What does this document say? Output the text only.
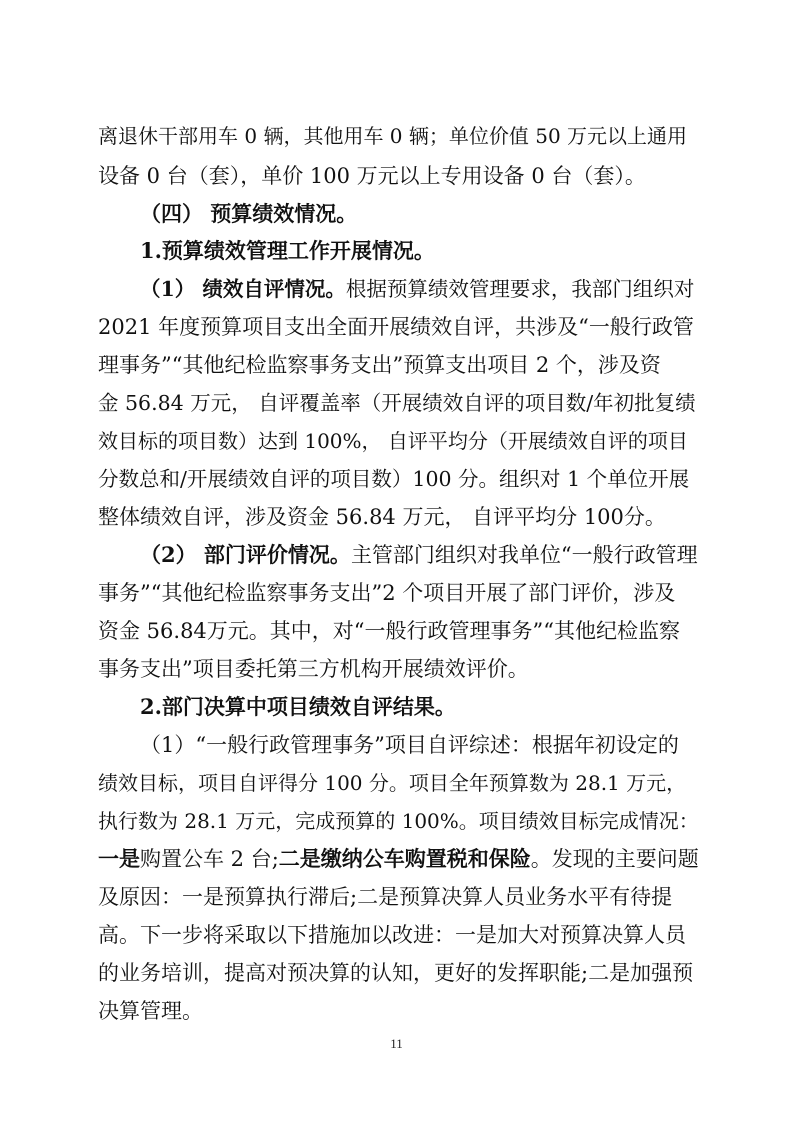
离退休干部用车 0 辆，其他用车 0 辆；单位价值 50 万元以上通用
设备 0 台（套），单价 100 万元以上专用设备 0 台（套）。
（四） 预算绩效情况。
1.预算绩效管理工作开展情况。
（1） 绩效自评情况。根据预算绩效管理要求，我部门组织对
2021 年度预算项目支出全面开展绩效自评，共涉及“一般行政管
理事务”“其他纪检监察事务支出”预算支出项目 2 个，涉及资
金 56.84 万元， 自评覆盖率（开展绩效自评的项目数/年初批复绩
效目标的项目数）达到 100%， 自评平均分（开展绩效自评的项目
分数总和/开展绩效自评的项目数）100 分。组织对 1 个单位开展
整体绩效自评，涉及资金 56.84 万元， 自评平均分 100分。
（2） 部门评价情况。主管部门组织对我单位“一般行政管理
事务”“其他纪检监察事务支出”2 个项目开展了部门评价，涉及
资金 56.84万元。其中，对“一般行政管理事务”“其他纪检监察
事务支出”项目委托第三方机构开展绩效评价。
2.部门决算中项目绩效自评结果。
（1）“一般行政管理事务”项目自评综述：根据年初设定的
绩效目标，项目自评得分 100 分。项目全年预算数为 28.1 万元，
执行数为 28.1 万元，完成预算的 100%。项目绩效目标完成情况：
一是购置公车 2 台;二是缴纳公车购置税和保险。发现的主要问题
及原因：一是预算执行滞后;二是预算决算人员业务水平有待提
高。下一步将采取以下措施加以改进：一是加大对预算决算人员
的业务培训，提高对预决算的认知，更好的发挥职能;二是加强预
决算管理。
11
